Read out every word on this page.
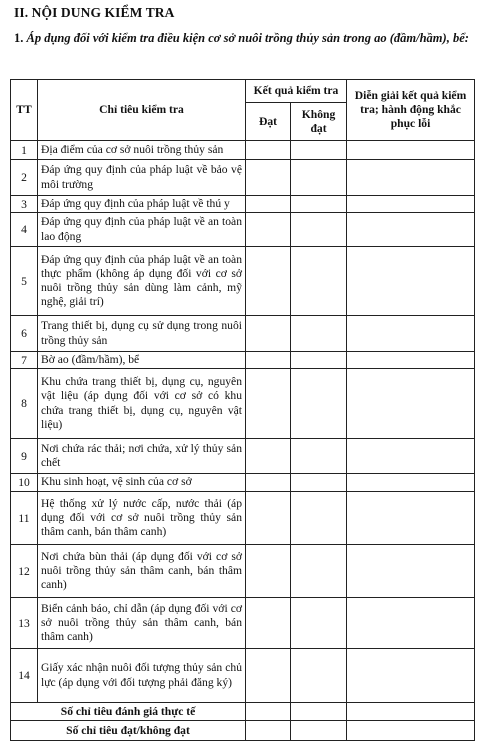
II. NỘI DUNG KIỂM TRA
1. Áp dụng đối với kiểm tra điều kiện cơ sở nuôi trồng thủy sản trong ao (đầm/hầm), bể:
TT	Chỉ tiêu kiểm tra	Kết quả kiểm tra		Diễn giải kết quả kiểm tra; hành động khắc phục lỗi
		Đạt	Không đạt	
1	Địa điểm của cơ sở nuôi trồng thủy sản			
2	Đáp ứng quy định của pháp luật về bảo vệ môi trường			
3	Đáp ứng quy định của pháp luật về thú y			
4	Đáp ứng quy định của pháp luật về an toàn lao động			
5	Đáp ứng quy định của pháp luật về an toàn thực phẩm (không áp dụng đối với cơ sở nuôi trồng thủy sản dùng làm cảnh, mỹ nghệ, giải trí)			
6	Trang thiết bị, dụng cụ sử dụng trong nuôi trồng thủy sản			
7	Bờ ao (đầm/hầm), bể			
8	Khu chứa trang thiết bị, dụng cụ, nguyên vật liệu (áp dụng đối với cơ sở có khu chứa trang thiết bị, dụng cụ, nguyên vật liệu)			
9	Nơi chứa rác thải; nơi chứa, xử lý thủy sản chết			
10	Khu sinh hoạt, vệ sinh của cơ sở			
11	Hệ thống xử lý nước cấp, nước thải (áp dụng đối với cơ sở nuôi trồng thủy sản thâm canh, bán thâm canh)			
12	Nơi chứa bùn thải (áp dụng đối với cơ sở nuôi trồng thủy sản thâm canh, bán thâm canh)			
13	Biển cảnh báo, chỉ dẫn (áp dụng đối với cơ sở nuôi trồng thủy sản thâm canh, bán thâm canh)			
14	Giấy xác nhận nuôi đối tượng thủy sản chủ lực (áp dụng với đối tượng phải đăng ký)			
Số chỉ tiêu đánh giá thực tế				
Số chỉ tiêu đạt/không đạt				
